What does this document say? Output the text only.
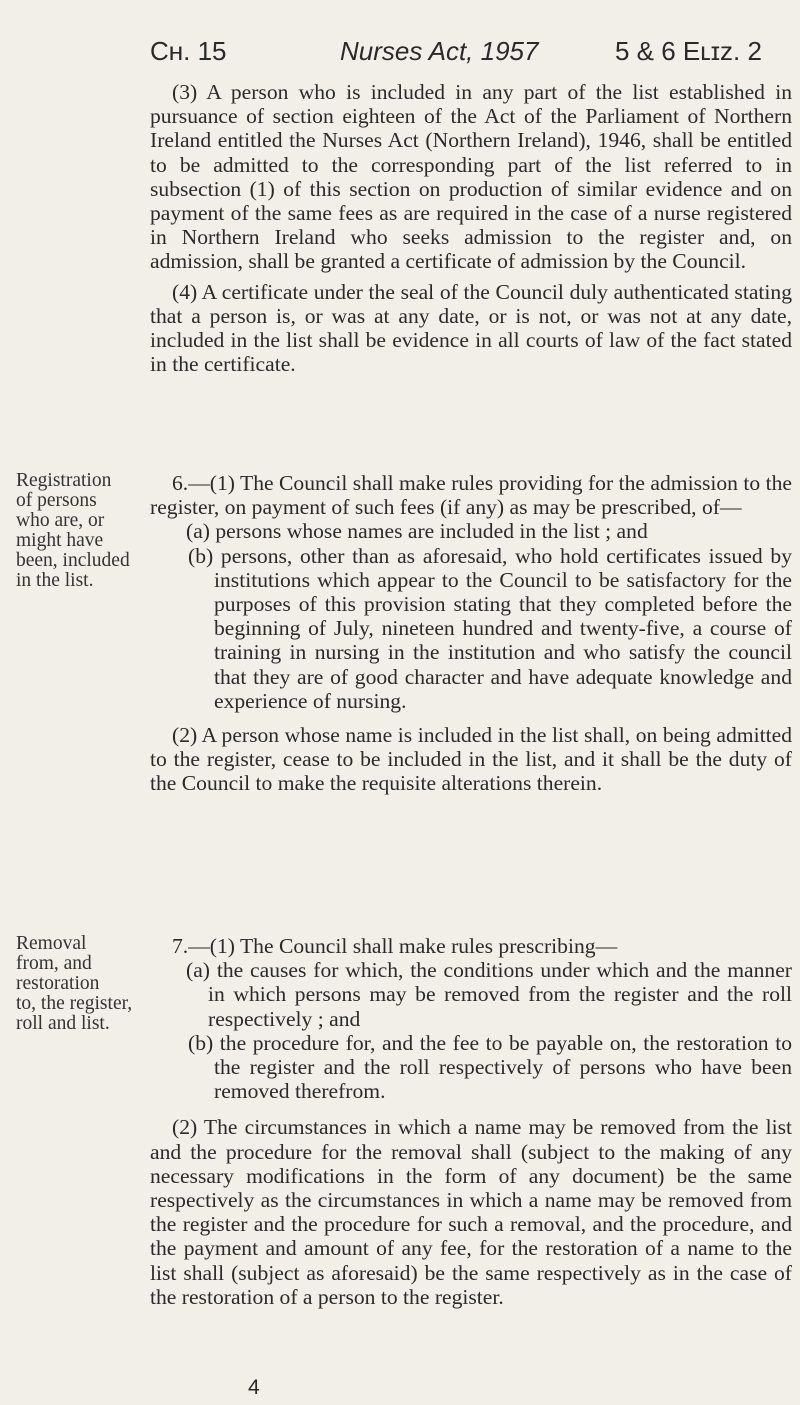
Cʜ. 15	Nurses Act, 1957	5 & 6 Eʟɪz. 2

(3) A person who is included in any part of the list established in pursuance of section eighteen of the Act of the Parliament of Northern Ireland entitled the Nurses Act (Northern Ireland), 1946, shall be entitled to be admitted to the corresponding part of the list referred to in subsection (1) of this section on production of similar evidence and on payment of the same fees as are required in the case of a nurse registered in Northern Ireland who seeks admission to the register and, on admission, shall be granted a certificate of admission by the Council.

(4) A certificate under the seal of the Council duly authenticated stating that a person is, or was at any date, or is not, or was not at any date, included in the list shall be evidence in all courts of law of the fact stated in the certificate.

Registration
of persons
who are, or
might have
been, included
in the list.

6.—(1) The Council shall make rules providing for the admission to the register, on payment of such fees (if any) as may be prescribed, of—

(a) persons whose names are included in the list ; and

(b) persons, other than as aforesaid, who hold certificates issued by institutions which appear to the Council to be satisfactory for the purposes of this provision stating that they completed before the beginning of July, nineteen hundred and twenty-five, a course of training in nursing in the institution and who satisfy the council that they are of good character and have adequate knowledge and experience of nursing.

(2) A person whose name is included in the list shall, on being admitted to the register, cease to be included in the list, and it shall be the duty of the Council to make the requisite alterations therein.

Removal
from, and
restoration
to, the register,
roll and list.

7.—(1) The Council shall make rules prescribing—

(a) the causes for which, the conditions under which and the manner in which persons may be removed from the register and the roll respectively ; and

(b) the procedure for, and the fee to be payable on, the restoration to the register and the roll respectively of persons who have been removed therefrom.

(2) The circumstances in which a name may be removed from the list and the procedure for the removal shall (subject to the making of any necessary modifications in the form of any document) be the same respectively as the circumstances in which a name may be removed from the register and the procedure for such a removal, and the procedure, and the payment and amount of any fee, for the restoration of a name to the list shall (subject as aforesaid) be the same respectively as in the case of the restoration of a person to the register.

4
